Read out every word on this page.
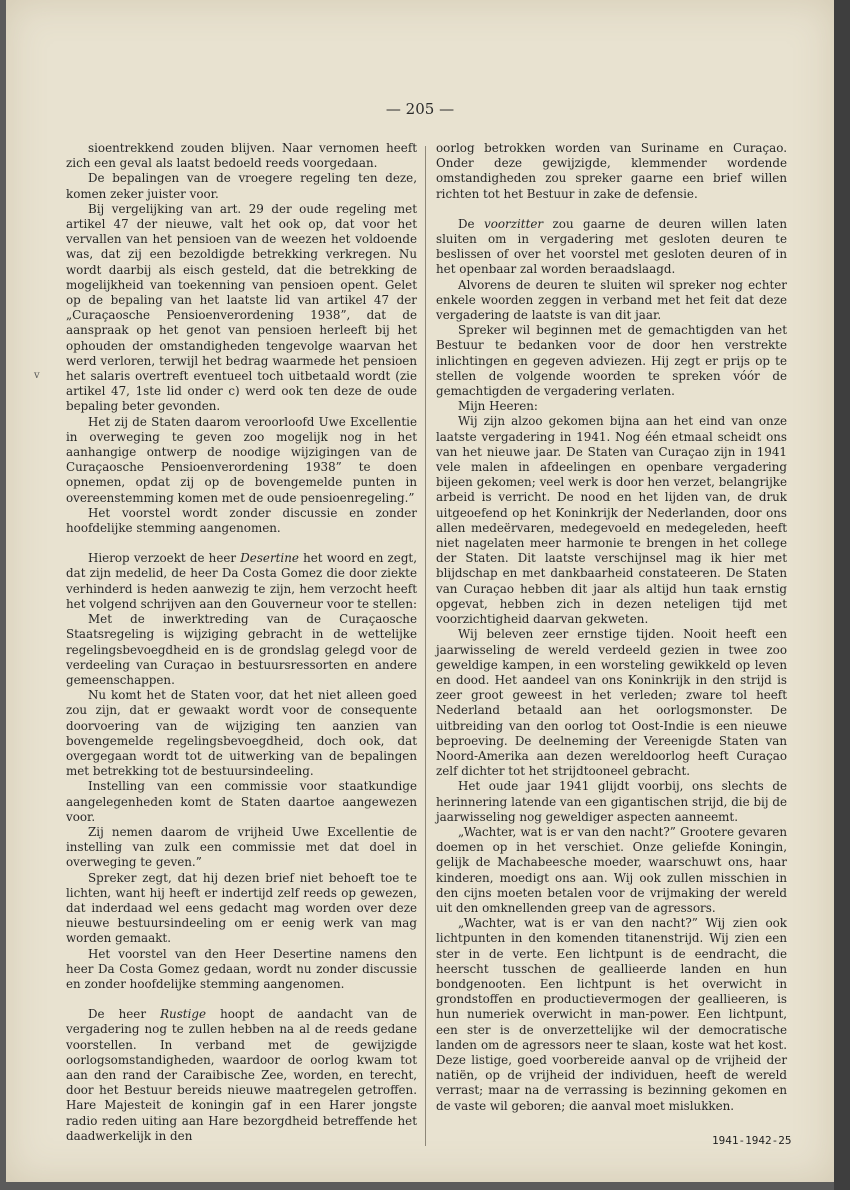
— 205 —
v

sioentrekkend zouden blijven. Naar vernomen heeft zich een geval als laatst bedoeld reeds voorgedaan.

De bepalingen van de vroegere regeling ten deze, komen zeker juister voor.

Bij vergelijking van art. 29 der oude regeling met artikel 47 der nieuwe, valt het ook op, dat voor het vervallen van het pensioen van de weezen het voldoende was, dat zij een bezoldigde betrekking verkregen. Nu wordt daarbij als eisch gesteld, dat die betrekking de mogelijkheid van toekenning van pensioen opent. Gelet op de bepaling van het laatste lid van artikel 47 der „Curaçaosche Pensioenverordening 1938”, dat de aanspraak op het genot van pensioen herleeft bij het ophouden der omstandigheden tengevolge waarvan het werd verloren, terwijl het bedrag waarmede het pensioen het salaris overtreft eventueel toch uitbetaald wordt (zie artikel 47, 1ste lid onder c) werd ook ten deze de oude bepaling beter gevonden.

Het zij de Staten daarom veroorloofd Uwe Excellentie in overweging te geven zoo mogelijk nog in het aanhangige ontwerp de noodige wijzigingen van de Curaçaosche Pensioenverordening 1938” te doen opnemen, opdat zij op de bovengemelde punten in overeenstemming komen met de oude pensioenregeling.”

Het voorstel wordt zonder discussie en zonder hoofdelijke stemming aangenomen.

Hierop verzoekt de heer Desertine het woord en zegt, dat zijn medelid, de heer Da Costa Gomez die door ziekte verhinderd is heden aanwezig te zijn, hem verzocht heeft het volgend schrijven aan den Gouverneur voor te stellen:

Met de inwerktreding van de Curaçaosche Staatsregeling is wijziging gebracht in de wettelijke regelingsbevoegdheid en is de grondslag gelegd voor de verdeeling van Curaçao in bestuursressorten en andere gemeenschappen.

Nu komt het de Staten voor, dat het niet alleen goed zou zijn, dat er gewaakt wordt voor de consequente doorvoering van de wijziging ten aanzien van bovengemelde regelingsbevoegdheid, doch ook, dat overgegaan wordt tot de uitwerking van de bepalingen met betrekking tot de bestuursindeeling.

Instelling van een commissie voor staatkundige aangelegenheden komt de Staten daartoe aangewezen voor.

Zij nemen daarom de vrijheid Uwe Excellentie de instelling van zulk een commissie met dat doel in overweging te geven.”

Spreker zegt, dat hij dezen brief niet behoeft toe te lichten, want hij heeft er indertijd zelf reeds op gewezen, dat inderdaad wel eens gedacht mag worden over deze nieuwe bestuursindeeling om er eenig werk van mag worden gemaakt.

Het voorstel van den Heer Desertine namens den heer Da Costa Gomez gedaan, wordt nu zonder discussie en zonder hoofdelijke stemming aangenomen.

De heer Rustige hoopt de aandacht van de vergadering nog te zullen hebben na al de reeds gedane voorstellen. In verband met de gewijzigde oorlogsomstandigheden, waardoor de oorlog kwam tot aan den rand der Caraibische Zee, worden, en terecht, door het Bestuur bereids nieuwe maatregelen getroffen. Hare Majesteit de koningin gaf in een Harer jongste radio reden uiting aan Hare bezorgdheid betreffende het daadwerkelijk in den

oorlog betrokken worden van Suriname en Curaçao. Onder deze gewijzigde, klemmender wordende omstandigheden zou spreker gaarne een brief willen richten tot het Bestuur in zake de defensie.

De voorzitter zou gaarne de deuren willen laten sluiten om in vergadering met gesloten deuren te beslissen of over het voorstel met gesloten deuren of in het openbaar zal worden beraadslaagd.

Alvorens de deuren te sluiten wil spreker nog echter enkele woorden zeggen in verband met het feit dat deze vergadering de laatste is van dit jaar.

Spreker wil beginnen met de gemachtigden van het Bestuur te bedanken voor de door hen verstrekte inlichtingen en gegeven adviezen. Hij zegt er prijs op te stellen de volgende woorden te spreken vóór de gemachtigden de vergadering verlaten.

Mijn Heeren:

Wij zijn alzoo gekomen bijna aan het eind van onze laatste vergadering in 1941. Nog één etmaal scheidt ons van het nieuwe jaar. De Staten van Curaçao zijn in 1941 vele malen in afdeelingen en openbare vergadering bijeen gekomen; veel werk is door hen verzet, belangrijke arbeid is verricht. De nood en het lijden van, de druk uitgeoefend op het Koninkrijk der Nederlanden, door ons allen medeërvaren, medegevoeld en medegeleden, heeft niet nagelaten meer harmonie te brengen in het college der Staten. Dit laatste verschijnsel mag ik hier met blijdschap en met dankbaarheid constateeren. De Staten van Curaçao hebben dit jaar als altijd hun taak ernstig opgevat, hebben zich in dezen neteligen tijd met voorzichtigheid daarvan gekweten.

Wij beleven zeer ernstige tijden. Nooit heeft een jaarwisseling de wereld verdeeld gezien in twee zoo geweldige kampen, in een worsteling gewikkeld op leven en dood. Het aandeel van ons Koninkrijk in den strijd is zeer groot geweest in het verleden; zware tol heeft Nederland betaald aan het oorlogsmonster. De uitbreiding van den oorlog tot Oost-Indie is een nieuwe beproeving. De deelneming der Vereenigde Staten van Noord-Amerika aan dezen wereldoorlog heeft Curaçao zelf dichter tot het strijdtooneel gebracht.

Het oude jaar 1941 glijdt voorbij, ons slechts de herinnering latende van een gigantischen strijd, die bij de jaarwisseling nog geweldiger aspecten aanneemt.

„Wachter, wat is er van den nacht?” Grootere gevaren doemen op in het verschiet. Onze geliefde Koningin, gelijk de Machabeesche moeder, waarschuwt ons, haar kinderen, moedigt ons aan. Wij ook zullen misschien in den cijns moeten betalen voor de vrijmaking der wereld uit den omknellenden greep van de agressors.

„Wachter, wat is er van den nacht?” Wij zien ook lichtpunten in den komenden titanenstrijd. Wij zien een ster in de verte. Een lichtpunt is de eendracht, die heerscht tusschen de geallieerde landen en hun bondgenooten. Een lichtpunt is het overwicht in grondstoffen en productievermogen der geallieeren, is hun numeriek overwicht in man-power. Een lichtpunt, een ster is de onverzettelijke wil der democratische landen om de agressors neer te slaan, koste wat het kost. Deze listige, goed voorbereide aanval op de vrijheid der natiën, op de vrijheid der individuen, heeft de wereld verrast; maar na de verrassing is bezinning gekomen en de vaste wil geboren; die aanval moet mislukken.

1941-1942-25
